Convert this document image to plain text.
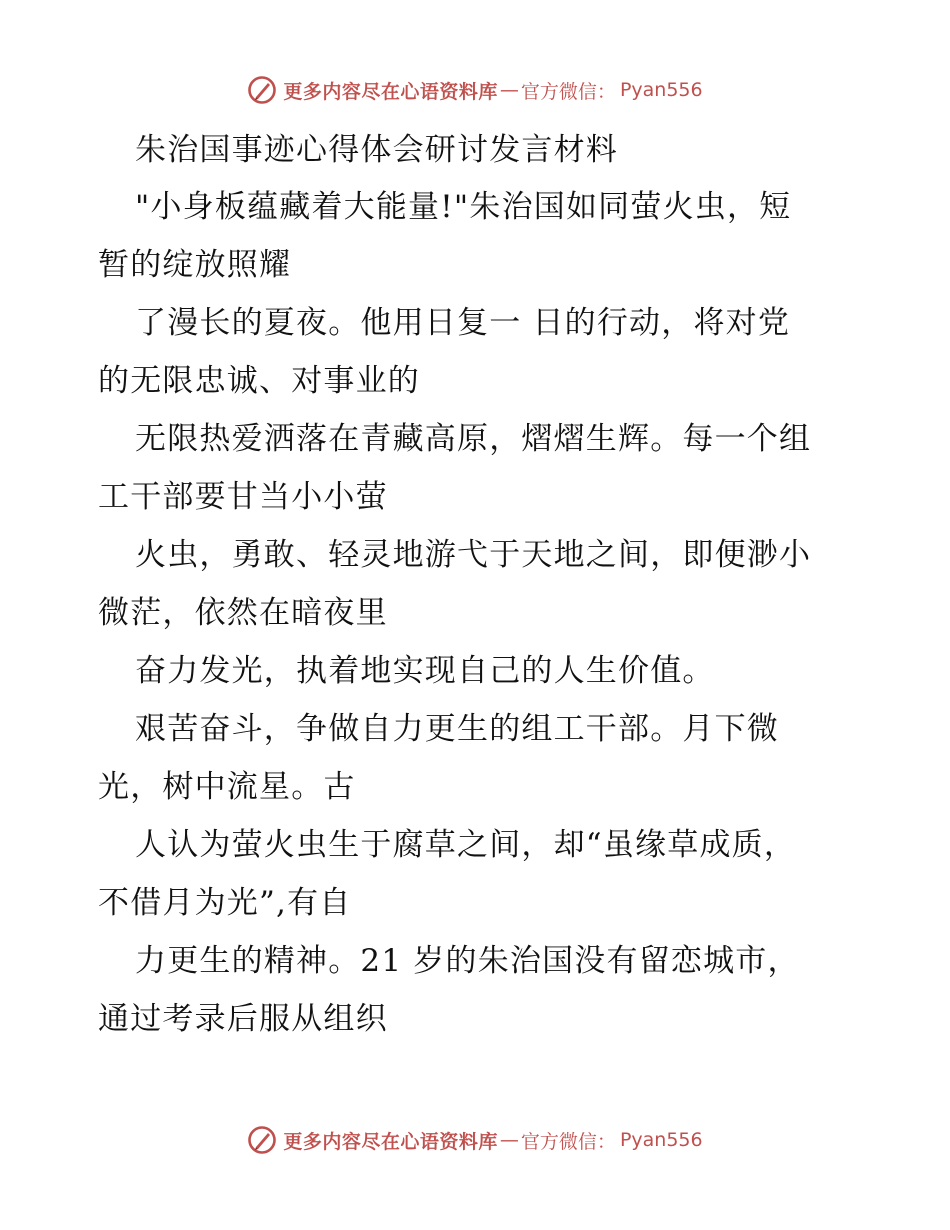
更多内容尽在心语资料库 — 官方微信： Pyan556
朱治国事迹心得体会研讨发言材料
"小身板蕴藏着大能量!"朱治国如同萤火虫，短
暂的绽放照耀
了漫长的夏夜。他用日复一 日的行动，将对党
的无限忠诚、对事业的
无限热爱洒落在青藏高原，熠熠生辉。每一个组
工干部要甘当小小萤
火虫，勇敢、轻灵地游弋于天地之间，即便渺小
微茫，依然在暗夜里
奋力发光，执着地实现自己的人生价值。
艰苦奋斗，争做自力更生的组工干部。月下微
光，树中流星。古
人认为萤火虫生于腐草之间，却“虽缘草成质，
不借月为光”,有自
力更生的精神。21 岁的朱治国没有留恋城市，
通过考录后服从组织
更多内容尽在心语资料库 — 官方微信： Pyan556
